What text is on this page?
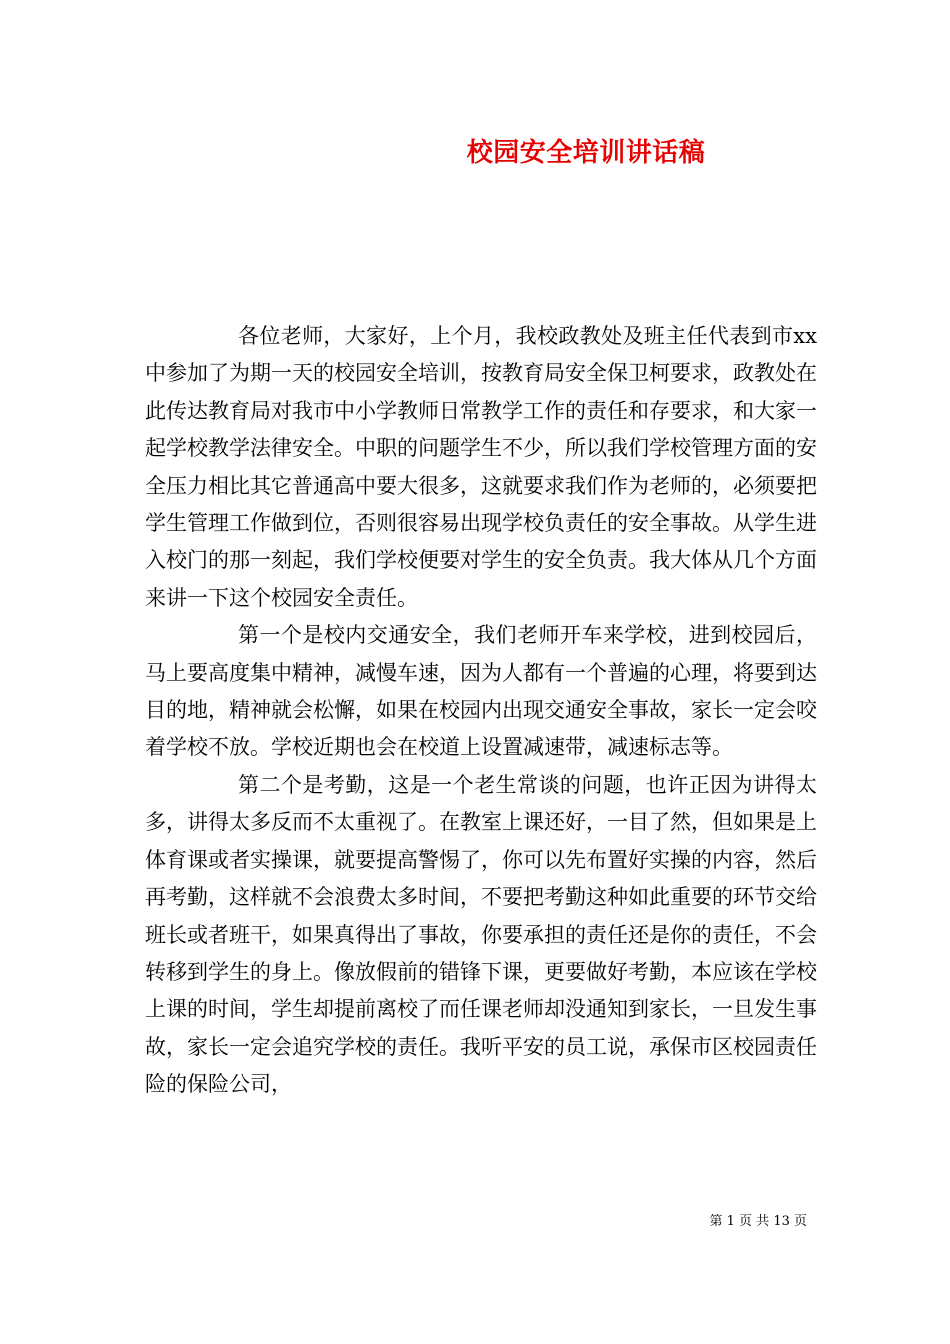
校园安全培训讲话稿

各位老师，大家好，上个月，我校政教处及班主任代表到市xx中参加了为期一天的校园安全培训，按教育局安全保卫柯要求，政教处在此传达教育局对我市中小学教师日常教学工作的责任和存要求，和大家一起学校教学法律安全。中职的问题学生不少，所以我们学校管理方面的安全压力相比其它普通高中要大很多，这就要求我们作为老师的，必须要把学生管理工作做到位，否则很容易出现学校负责任的安全事故。从学生进入校门的那一刻起，我们学校便要对学生的安全负责。我大体从几个方面来讲一下这个校园安全责任。

第一个是校内交通安全，我们老师开车来学校，进到校园后，马上要高度集中精神，减慢车速，因为人都有一个普遍的心理，将要到达目的地，精神就会松懈，如果在校园内出现交通安全事故，家长一定会咬着学校不放。学校近期也会在校道上设置减速带，减速标志等。

第二个是考勤，这是一个老生常谈的问题，也许正因为讲得太多，讲得太多反而不太重视了。在教室上课还好，一目了然，但如果是上体育课或者实操课，就要提高警惕了，你可以先布置好实操的内容，然后再考勤，这样就不会浪费太多时间，不要把考勤这种如此重要的环节交给班长或者班干，如果真得出了事故，你要承担的责任还是你的责任，不会转移到学生的身上。像放假前的错锋下课，更要做好考勤，本应该在学校上课的时间，学生却提前离校了而任课老师却没通知到家长，一旦发生事故，家长一定会追究学校的责任。我听平安的员工说，承保市区校园责任险的保险公司，

第 1 页 共 13 页
